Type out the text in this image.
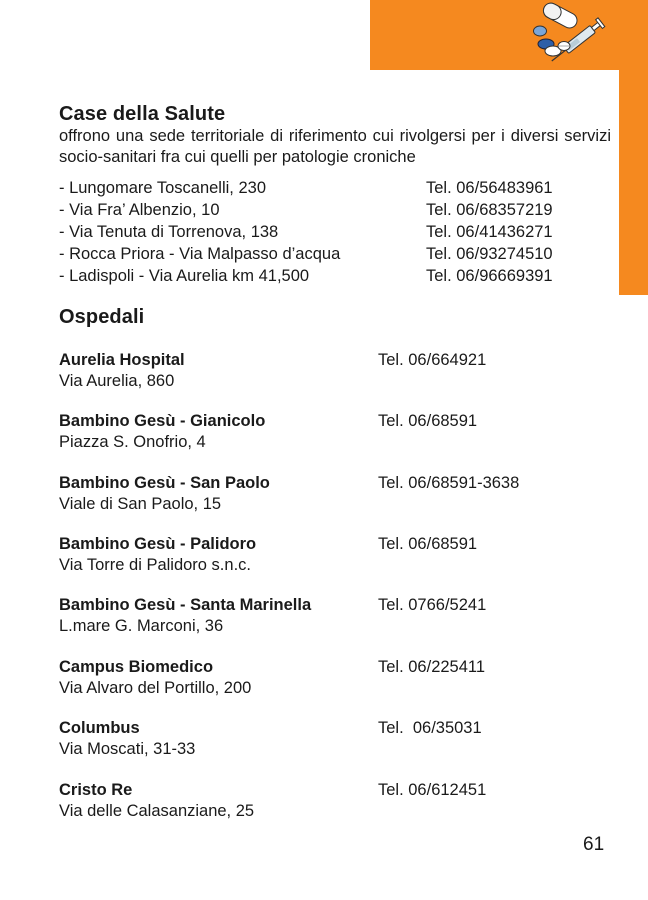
Case della Salute

offrono una sede territoriale di riferimento cui rivolgersi per i diversi servizi socio-sanitari fra cui quelli per patologie croniche

- Lungomare Toscanelli, 230	Tel. 06/56483961
- Via Fra’ Albenzio, 10	Tel. 06/68357219
- Via Tenuta di Torrenova, 138	Tel. 06/41436271
- Rocca Priora - Via Malpasso d’acqua	Tel. 06/93274510
- Ladispoli - Via Aurelia km 41,500	Tel. 06/96669391
Ospedali
Aurelia Hospital	Tel. 06/664921
Via Aurelia, 860
Bambino Gesù - Gianicolo	Tel. 06/68591
Piazza S. Onofrio, 4
Bambino Gesù - San Paolo	Tel. 06/68591-3638
Viale di San Paolo, 15
Bambino Gesù - Palidoro	Tel. 06/68591
Via Torre di Palidoro s.n.c.
Bambino Gesù - Santa Marinella	Tel. 0766/5241
L.mare G. Marconi, 36
Campus Biomedico	Tel. 06/225411
Via Alvaro del Portillo, 200
Columbus	Tel.  06/35031
Via Moscati, 31-33
Cristo Re	Tel. 06/612451
Via delle Calasanziane, 25
61
